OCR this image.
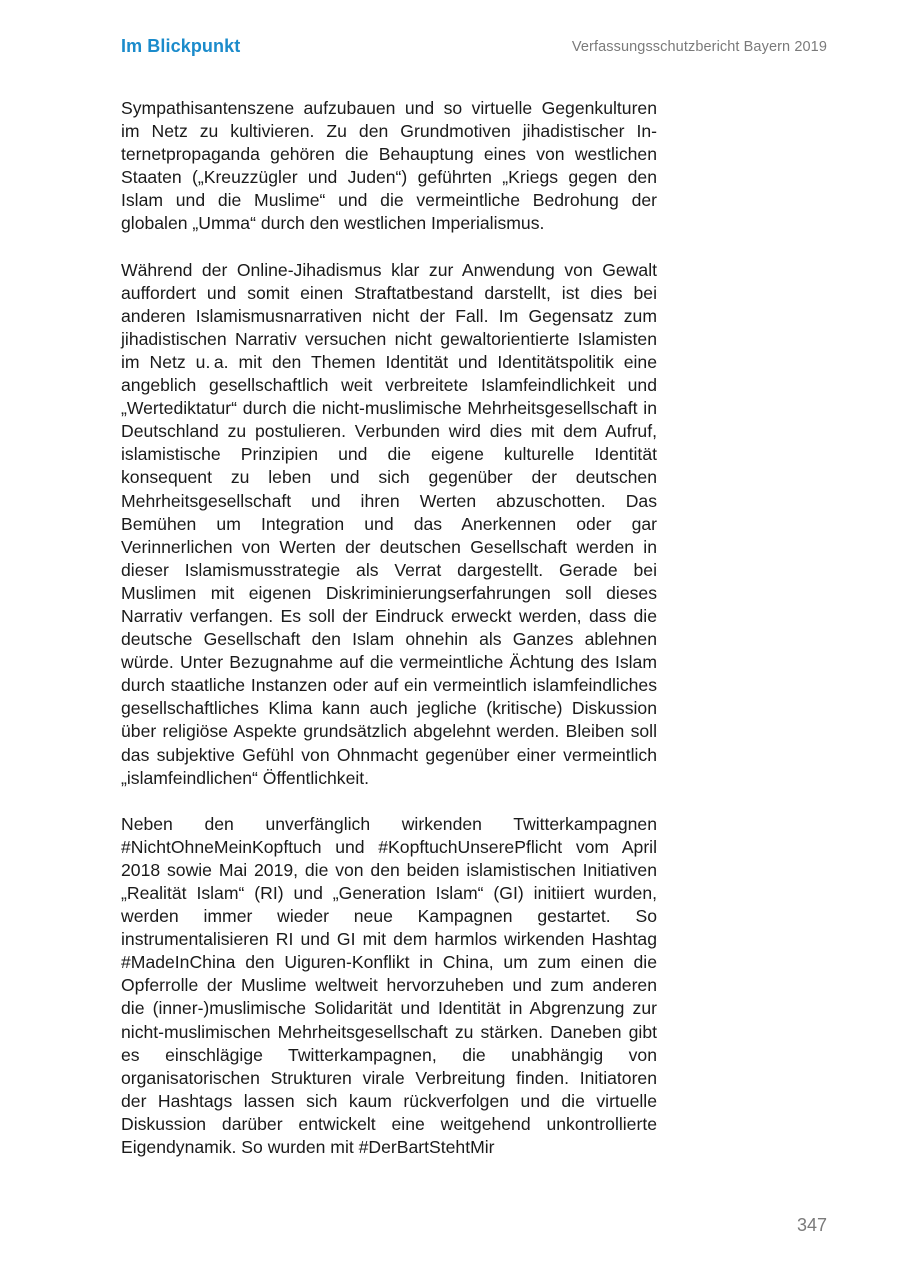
Im Blickpunkt	Verfassungsschutzbericht Bayern 2019

Sympathisantenszene aufzubauen und so virtuelle Gegenkulturen im Netz zu kultivieren. Zu den Grundmotiven jihadistischer Internetpropaganda gehören die Behauptung eines von westlichen Staaten („Kreuzzügler und Juden“) geführten „Kriegs gegen den Islam und die Muslime“ und die vermeintliche Bedrohung der globalen „Umma“ durch den westlichen Imperialismus.

Während der Online-Jihadismus klar zur Anwendung von Gewalt auffordert und somit einen Straftatbestand darstellt, ist dies bei anderen Islamismusnarrativen nicht der Fall. Im Gegensatz zum jihadistischen Narrativ versuchen nicht gewaltorientierte Islamisten im Netz u. a. mit den Themen Identität und Identitätspolitik eine angeblich gesellschaftlich weit verbreitete Islamfeindlichkeit und „Wertediktatur“ durch die nicht-muslimische Mehrheitsgesellschaft in Deutschland zu postulieren. Verbunden wird dies mit dem Aufruf, islamistische Prinzipien und die eigene kulturelle Identität konsequent zu leben und sich gegenüber der deutschen Mehrheitsgesellschaft und ihren Werten abzuschotten. Das Bemühen um Integration und das Anerkennen oder gar Verinnerlichen von Werten der deutschen Gesellschaft werden in dieser Islamismusstrategie als Verrat dargestellt. Gerade bei Muslimen mit eigenen Diskriminierungserfahrungen soll dieses Narrativ verfangen. Es soll der Eindruck erweckt werden, dass die deutsche Gesellschaft den Islam ohnehin als Ganzes ablehnen würde. Unter Bezugnahme auf die vermeintliche Ächtung des Islam durch staatliche Instanzen oder auf ein vermeintlich islamfeindliches gesellschaftliches Klima kann auch jegliche (kritische) Diskussion über religiöse Aspekte grundsätzlich abgelehnt werden. Bleiben soll das subjektive Gefühl von Ohnmacht gegenüber einer vermeintlich „islamfeindlichen“ Öffentlichkeit.

Neben den unverfänglich wirkenden Twitterkampagnen #NichtOhneMeinKopftuch und #KopftuchUnserePflicht vom April 2018 sowie Mai 2019, die von den beiden islamistischen Initiativen „Realität Islam“ (RI) und „Generation Islam“ (GI) initiiert wurden, werden immer wieder neue Kampagnen gestartet. So instrumentalisieren RI und GI mit dem harmlos wirkenden Hashtag #MadeInChina den Uiguren-Konflikt in China, um zum einen die Opferrolle der Muslime weltweit hervorzuheben und zum anderen die (inner-)muslimische Solidarität und Identität in Abgrenzung zur nicht-muslimischen Mehrheitsgesellschaft zu stärken. Daneben gibt es einschlägige Twitterkampagnen, die unabhängig von organisatorischen Strukturen virale Verbreitung finden. Initiatoren der Hashtags lassen sich kaum rückverfolgen und die virtuelle Diskussion darüber entwickelt eine weitgehend unkontrollierte Eigendynamik. So wurden mit #DerBartStehtMir

347
